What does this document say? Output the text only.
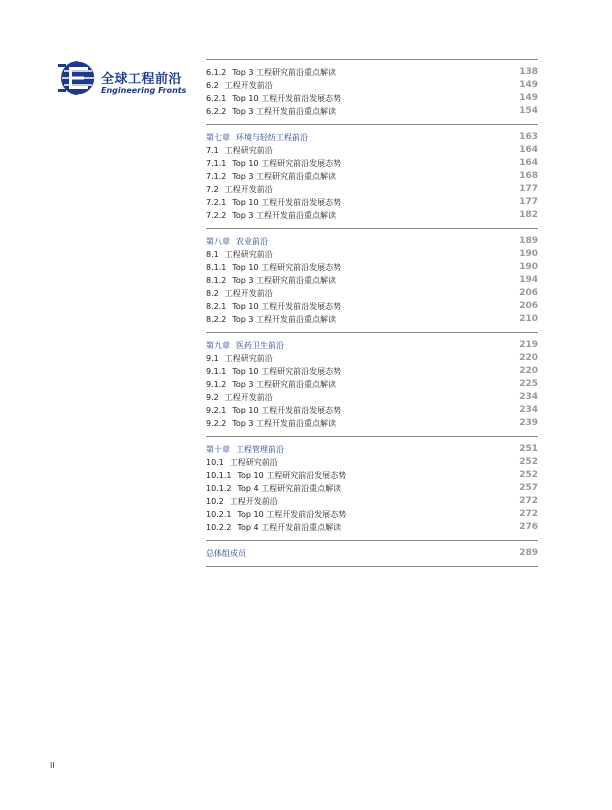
全球工程前沿
Engineering Fronts
6.1.2 Top 3 工程研究前沿重点解读	138
6.2 工程开发前沿	149
6.2.1 Top 10 工程开发前沿发展态势	149
6.2.2 Top 3 工程开发前沿重点解读	154
第七章 环境与轻纺工程前沿	163
7.1 工程研究前沿	164
7.1.1 Top 10 工程研究前沿发展态势	164
7.1.2 Top 3 工程研究前沿重点解读	168
7.2 工程开发前沿	177
7.2.1 Top 10 工程开发前沿发展态势	177
7.2.2 Top 3 工程开发前沿重点解读	182
第八章 农业前沿	189
8.1 工程研究前沿	190
8.1.1 Top 10 工程研究前沿发展态势	190
8.1.2 Top 3 工程研究前沿重点解读	194
8.2 工程开发前沿	206
8.2.1 Top 10 工程开发前沿发展态势	206
8.2.2 Top 3 工程开发前沿重点解读	210
第九章 医药卫生前沿	219
9.1 工程研究前沿	220
9.1.1 Top 10 工程研究前沿发展态势	220
9.1.2 Top 3 工程研究前沿重点解读	225
9.2 工程开发前沿	234
9.2.1 Top 10 工程开发前沿发展态势	234
9.2.2 Top 3 工程开发前沿重点解读	239
第十章 工程管理前沿	251
10.1 工程研究前沿	252
10.1.1 Top 10 工程研究前沿发展态势	252
10.1.2 Top 4 工程研究前沿重点解读	257
10.2 工程开发前沿	272
10.2.1 Top 10 工程开发前沿发展态势	272
10.2.2 Top 4 工程开发前沿重点解读	276
总体组成员	289
II
